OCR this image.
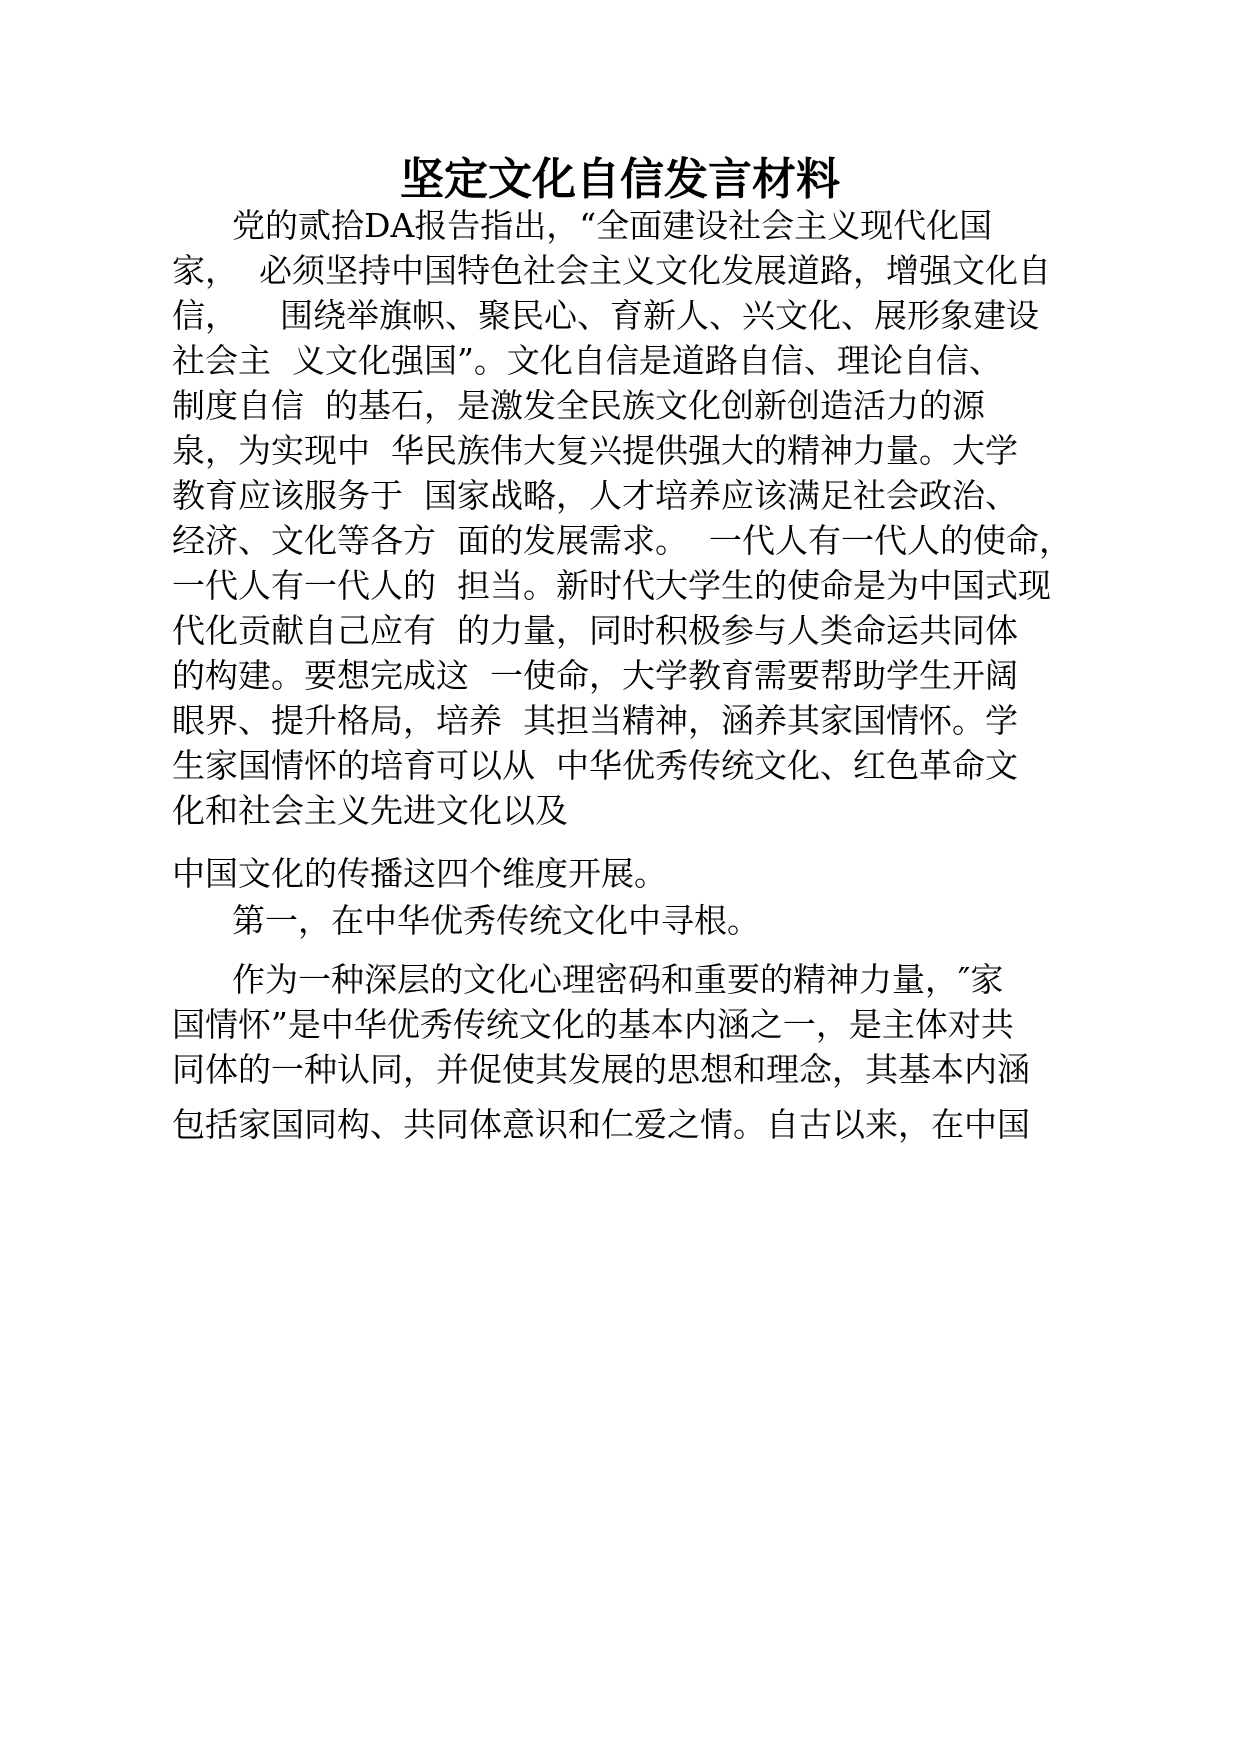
坚定文化自信发言材料

党的贰拾DA报告指出，“全面建设社会主义现代化国

家，  必须坚持中国特色社会主义文化发展道路，增强文化自

信，    围绕举旗帜、聚民心、育新人、兴文化、展形象建设

社会主  义文化强国”。文化自信是道路自信、理论自信、

制度自信  的基石，是激发全民族文化创新创造活力的源

泉，为实现中  华民族伟大复兴提供强大的精神力量。大学

教育应该服务于  国家战略，人才培养应该满足社会政治、

经济、文化等各方  面的发展需求。  一代人有一代人的使命，

一代人有一代人的  担当。新时代大学生的使命是为中国式现

代化贡献自己应有  的力量，同时积极参与人类命运共同体

的构建。要想完成这  一使命，大学教育需要帮助学生开阔

眼界、提升格局，培养  其担当精神，涵养其家国情怀。学

生家国情怀的培育可以从  中华优秀传统文化、红色革命文

化和社会主义先进文化以及

中国文化的传播这四个维度开展。

第一，在中华优秀传统文化中寻根。

作为一种深层的文化心理密码和重要的精神力量，″家

国情怀”是中华优秀传统文化的基本内涵之一，是主体对共

同体的一种认同，并促使其发展的思想和理念，其基本内涵

包括家国同构、共同体意识和仁爱之情。自古以来，在中国
